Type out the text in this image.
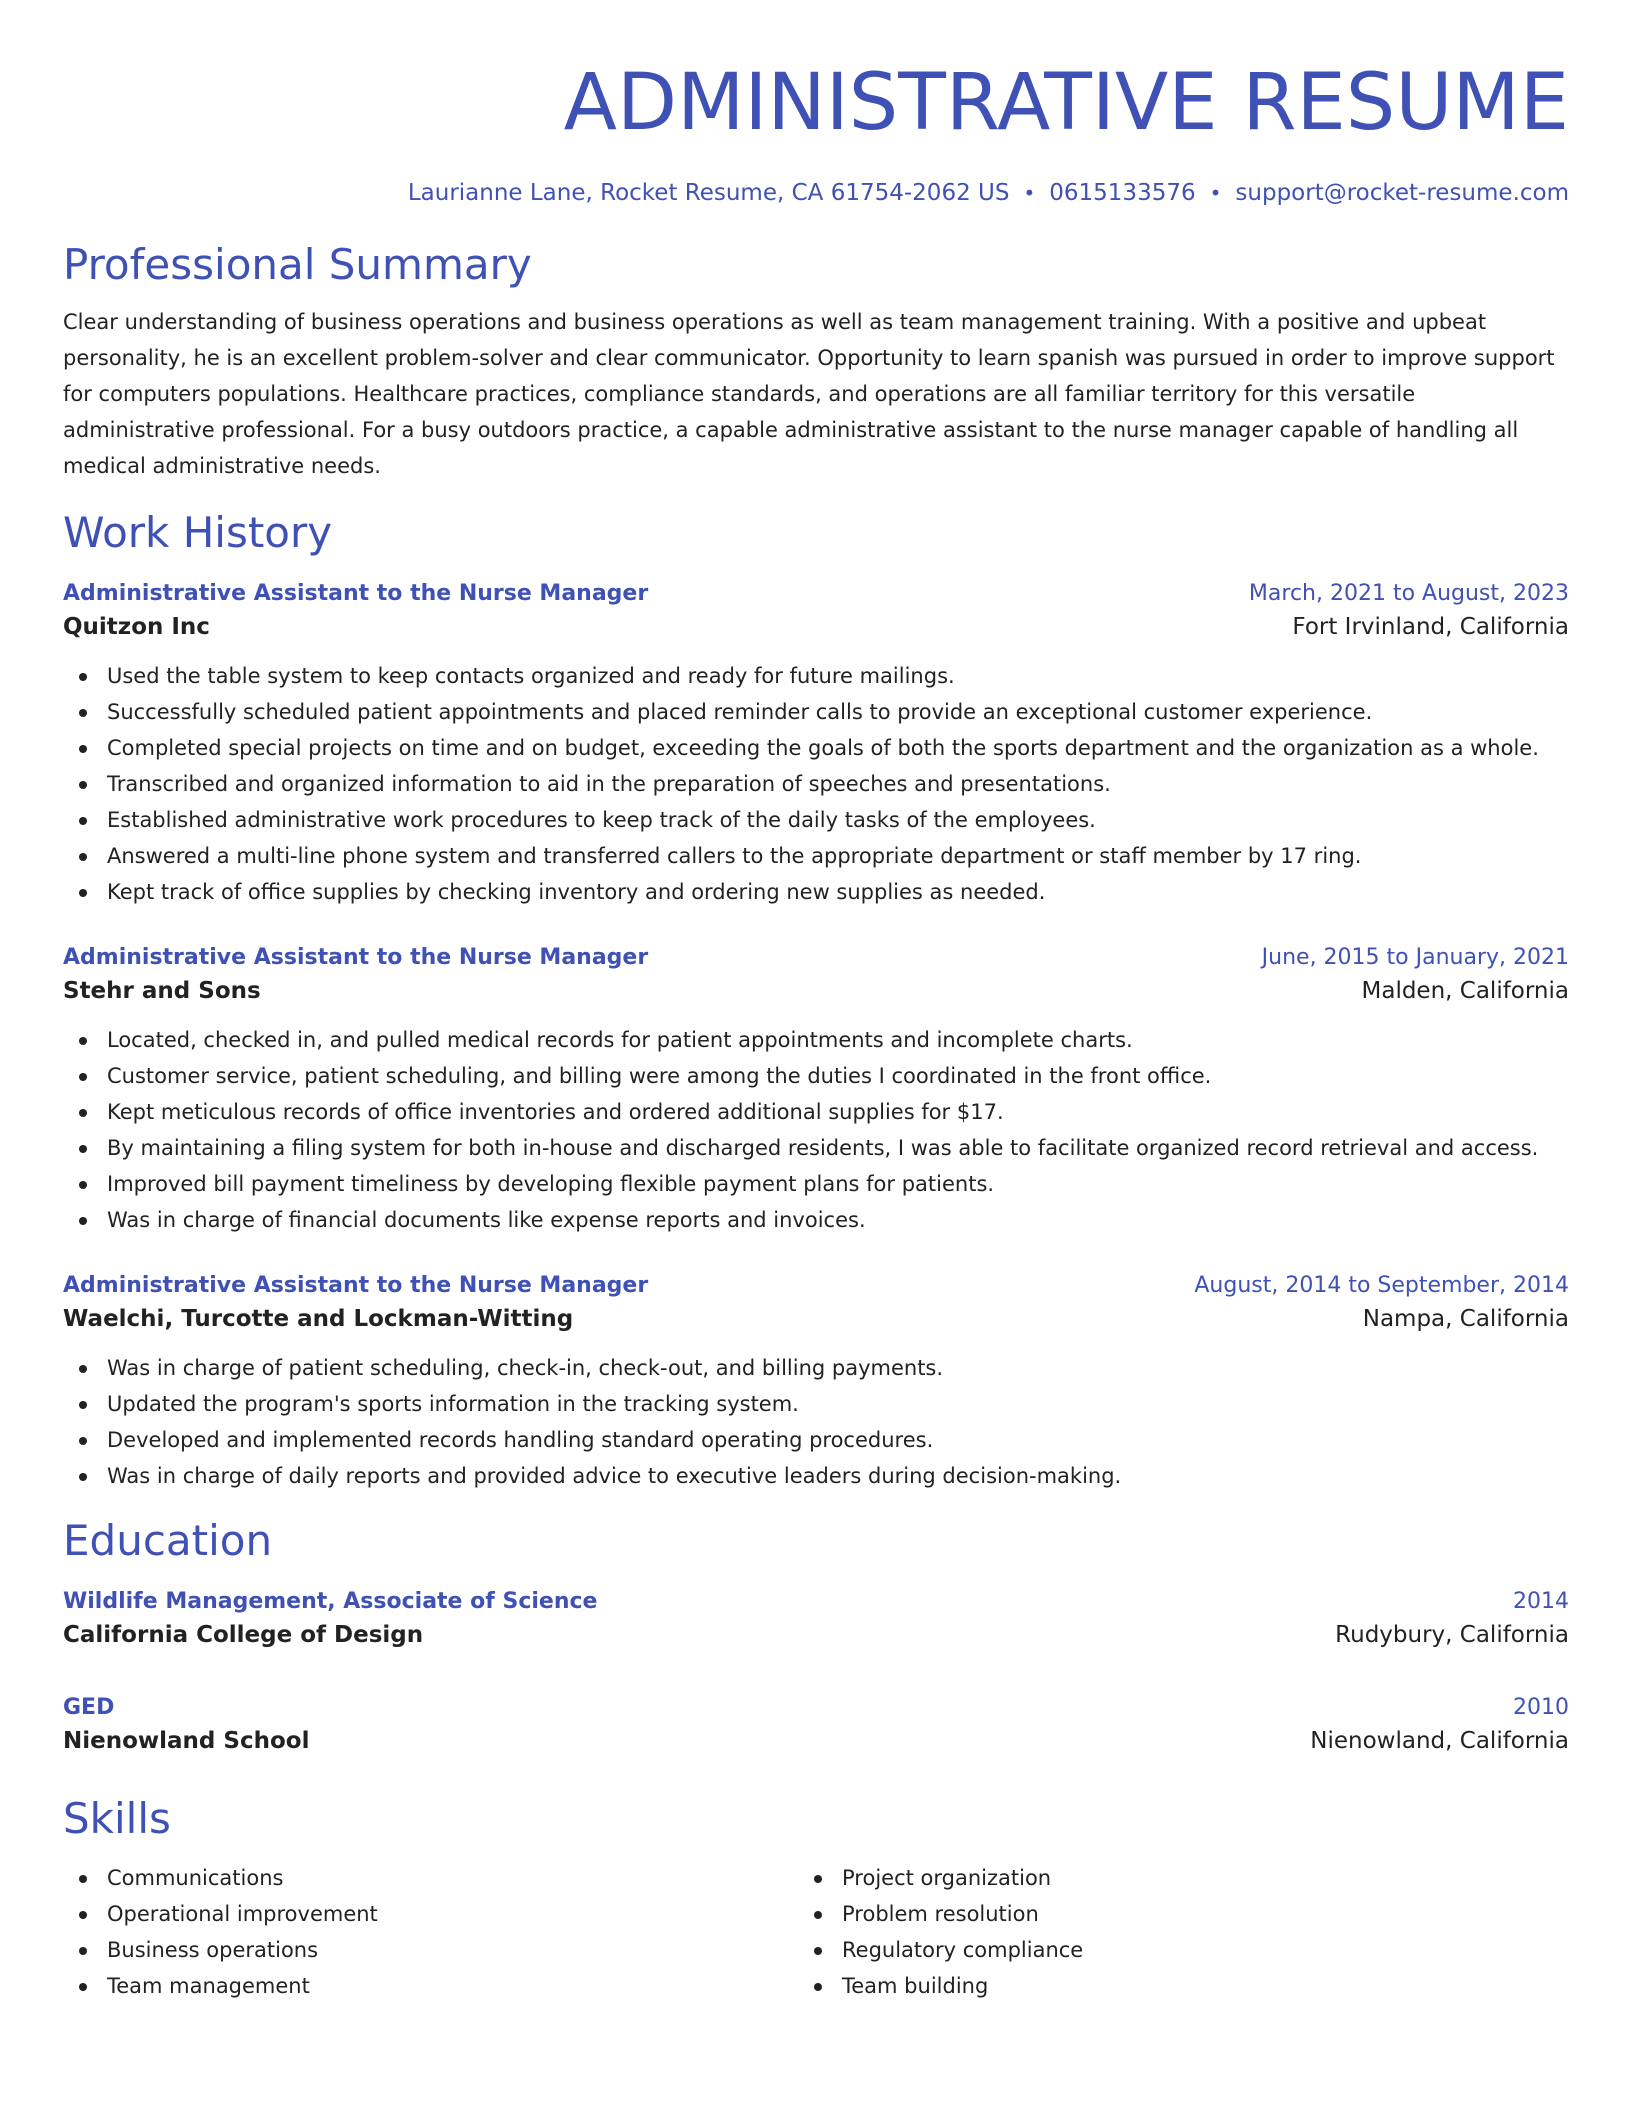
ADMINISTRATIVE RESUME
Laurianne Lane, Rocket Resume, CA 61754-2062 US • 0615133576 • support@rocket-resume.com
Professional Summary

Clear understanding of business operations and business operations as well as team management training. With a positive and upbeat personality, he is an excellent problem-solver and clear communicator. Opportunity to learn spanish was pursued in order to improve support for computers populations. Healthcare practices, compliance standards, and operations are all familiar territory for this versatile administrative professional. For a busy outdoors practice, a capable administrative assistant to the nurse manager capable of handling all medical administrative needs.

Work History
Administrative Assistant to the Nurse Manager	March, 2021 to August, 2023
Quitzon Inc	Fort Irvinland, California
Used the table system to keep contacts organized and ready for future mailings.
Successfully scheduled patient appointments and placed reminder calls to provide an exceptional customer experience.
Completed special projects on time and on budget, exceeding the goals of both the sports department and the organization as a whole.
Transcribed and organized information to aid in the preparation of speeches and presentations.
Established administrative work procedures to keep track of the daily tasks of the employees.
Answered a multi-line phone system and transferred callers to the appropriate department or staff member by 17 ring.
Kept track of office supplies by checking inventory and ordering new supplies as needed.
Administrative Assistant to the Nurse Manager	June, 2015 to January, 2021
Stehr and Sons	Malden, California
Located, checked in, and pulled medical records for patient appointments and incomplete charts.
Customer service, patient scheduling, and billing were among the duties I coordinated in the front office.
Kept meticulous records of office inventories and ordered additional supplies for $17.
By maintaining a filing system for both in-house and discharged residents, I was able to facilitate organized record retrieval and access.
Improved bill payment timeliness by developing flexible payment plans for patients.
Was in charge of financial documents like expense reports and invoices.
Administrative Assistant to the Nurse Manager	August, 2014 to September, 2014
Waelchi, Turcotte and Lockman-Witting	Nampa, California
Was in charge of patient scheduling, check-in, check-out, and billing payments.
Updated the program's sports information in the tracking system.
Developed and implemented records handling standard operating procedures.
Was in charge of daily reports and provided advice to executive leaders during decision-making.
Education
Wildlife Management, Associate of Science	2014
California College of Design	Rudybury, California
GED	2010
Nienowland School	Nienowland, California
Skills
Communications
Operational improvement
Business operations
Team management
Project organization
Problem resolution
Regulatory compliance
Team building
